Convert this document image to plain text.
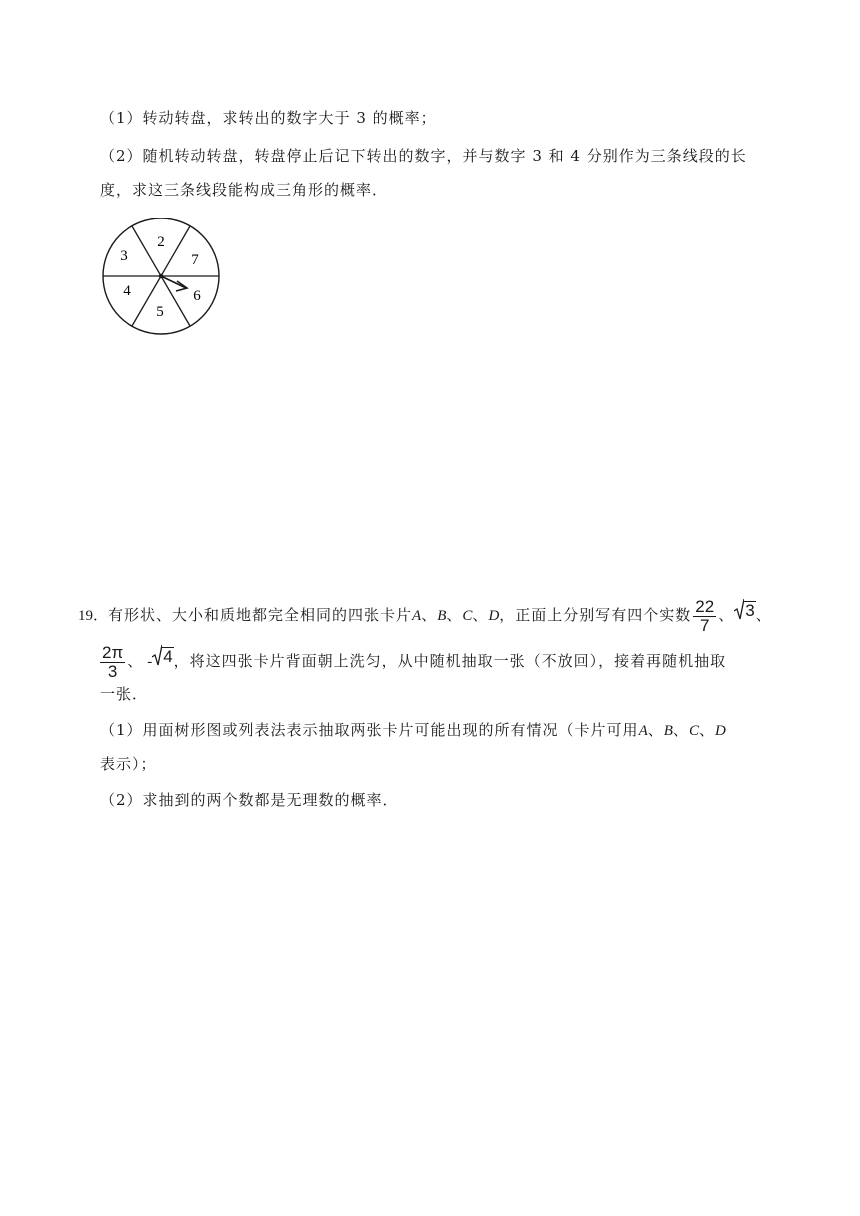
（1）转动转盘，求转出的数字大于 3 的概率；
（2）随机转动转盘，转盘停止后记下转出的数字，并与数字 3 和 4 分别作为三条线段的长
度，求这三条线段能构成三角形的概率．
2
7
6
5
4
3
19．有形状、大小和质地都完全相同的四张卡片A、B、C、D，正面上分别写有四个实数 $\frac{22}{7}$ 、 3 、
$\frac{2\pi}{3}$ 、 - 4 ，将这四张卡片背面朝上洗匀，从中随机抽取一张（不放回），接着再随机抽取
一张．
（1）用面树形图或列表法表示抽取两张卡片可能出现的所有情况（卡片可用A、B、C、D
表示）；
（2）求抽到的两个数都是无理数的概率．
